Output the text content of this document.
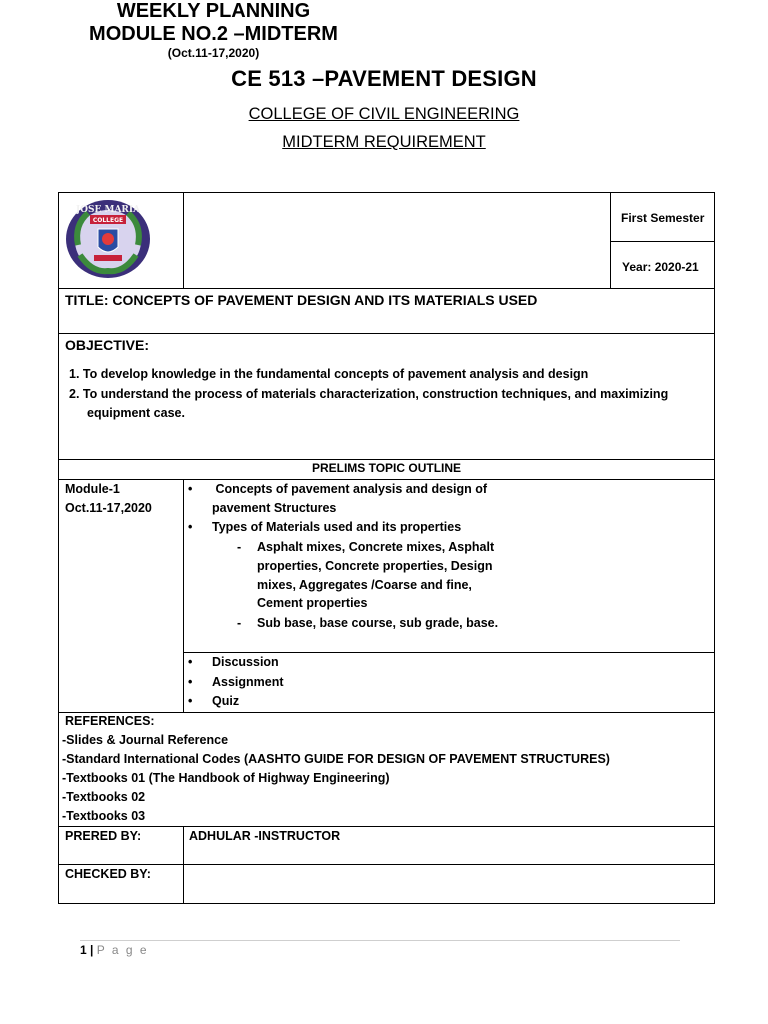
CE 513 –PAVEMENT DESIGN
COLLEGE OF CIVIL ENGINEERING
MIDTERM REQUIREMENT
JOSE MARIA
COLLEGE
WEEKLY PLANNING
MODULE NO.2 –MIDTERM
(Oct.11-17,2020)
First Semester
Year: 2020-21
TITLE: CONCEPTS OF PAVEMENT DESIGN AND ITS MATERIALS USED
OBJECTIVE:
1. To develop knowledge in the fundamental concepts of pavement analysis and design
2. To understand the process of materials characterization, construction techniques, and maximizing
equipment case.
PRELIMS TOPIC OUTLINE
Module-1
Oct.11-17,2020
•  Concepts of pavement analysis and design of
pavement Structures
• Types of Materials used and its properties
- Asphalt mixes, Concrete mixes, Asphalt
properties, Concrete properties, Design
mixes, Aggregates /Coarse and fine,
Cement properties
- Sub base, base course, sub grade, base.
• Discussion
• Assignment
• Quiz
REFERENCES:
-Slides & Journal Reference
-Standard International Codes (AASHTO GUIDE FOR DESIGN OF PAVEMENT STRUCTURES)
-Textbooks 01 (The Handbook of Highway Engineering)
-Textbooks 02
-Textbooks 03
PRERED BY:	ADHULAR -INSTRUCTOR
CHECKED BY:
1 | P a g e
